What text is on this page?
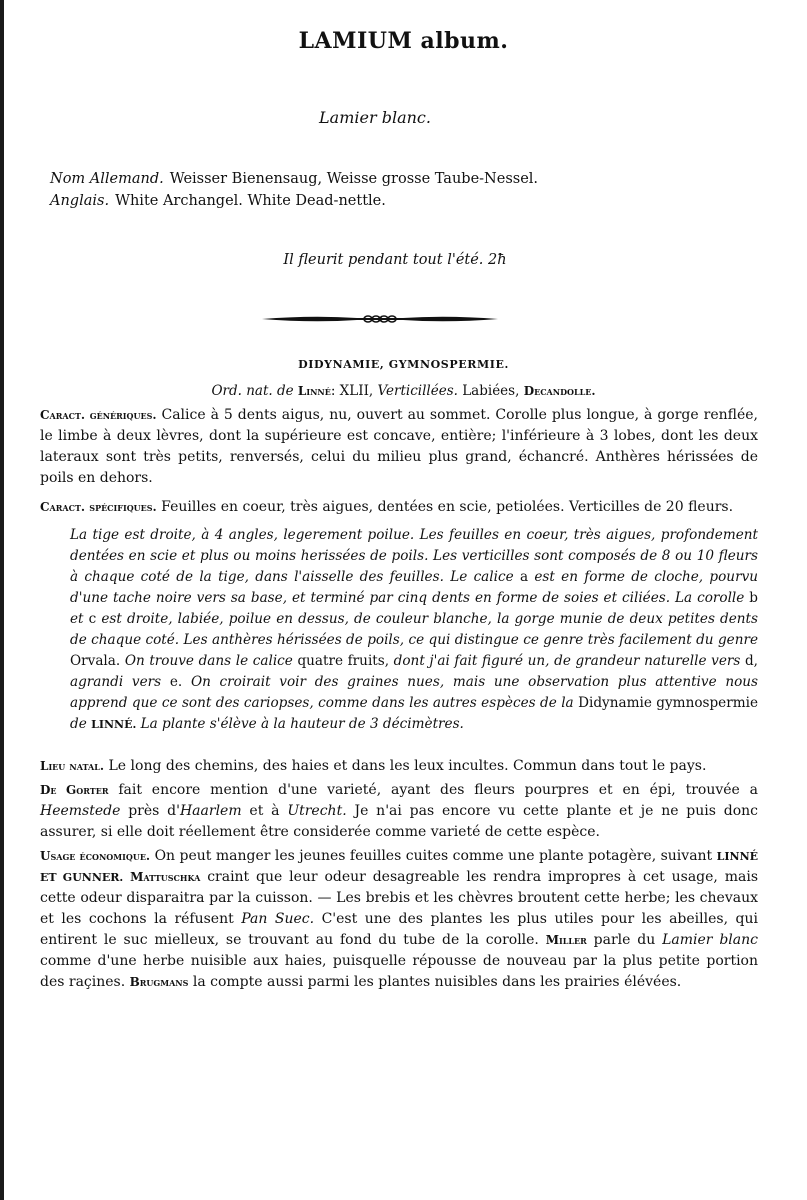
LAMIUM album.
Lamier blanc.
Nom Allemand. Weisser Bienensaug, Weisse grosse Taube-Nessel.
Anglais. White Archangel. White Dead-nettle.
Il fleurit pendant tout l'été. 2ħ
DIDYNAMIE, GYMNOSPERMIE.
Ord. nat. de Linné: XLII, Verticillées. Labiées, Decandolle.
Caract. génériques. Calice à 5 dents aigus, nu, ouvert au sommet. Corolle plus longue, à gorge renflée, le limbe à deux lèvres, dont la supérieure est concave, entière; l'inférieure à 3 lobes, dont les deux lateraux sont très petits, renversés, celui du milieu plus grand, échancré. Anthères hérissées de poils en dehors.
Caract. spécifiques. Feuilles en coeur, très aigues, dentées en scie, petiolées. Verticilles de 20 fleurs.
La tige est droite, à 4 angles, legerement poilue. Les feuilles en coeur, très aigues, profondement dentées en scie et plus ou moins herissées de poils. Les verticilles sont composés de 8 ou 10 fleurs à chaque coté de la tige, dans l'aisselle des feuilles. Le calice a est en forme de cloche, pourvu d'une tache noire vers sa base, et terminé par cinq dents en forme de soies et ciliées. La corolle b et c est droite, labiée, poilue en dessus, de couleur blanche, la gorge munie de deux petites dents de chaque coté. Les anthères hérissées de poils, ce qui distingue ce genre très facilement du genre Orvala. On trouve dans le calice quatre fruits, dont j'ai fait figuré un, de grandeur naturelle vers d, agrandi vers e. On croirait voir des graines nues, mais une observation plus attentive nous apprend que ce sont des cariopses, comme dans les autres espèces de la Didynamie gymnospermie de LINNÉ. La plante s'élève à la hauteur de 3 décimètres.
Lieu natal. Le long des chemins, des haies et dans les leux incultes. Commun dans tout le pays.
De Gorter fait encore mention d'une varieté, ayant des fleurs pourpres et en épi, trouvée a Heemstede près d'Haarlem et à Utrecht. Je n'ai pas encore vu cette plante et je ne puis donc assurer, si elle doit réellement être consideréе comme varieté de cette espèce.
Usage économique. On peut manger les jeunes feuilles cuites comme une plante potagère, suivant LINNÉ ET GUNNER. Mattuschka craint que leur odeur desagreable les rendra impropres à cet usage, mais cette odeur disparaitra par la cuisson. — Les brebis et les chèvres broutent cette herbe; les chevaux et les cochons la réfusent Pan Suec. C'est une des plantes les plus utiles pour les abeilles, qui entirent le suc mielleux, se trouvant au fond du tube de la corolle. Miller parle du Lamier blanc comme d'une herbe nuisible aux haies, puisquelle répousse de nouveau par la plus petite portion des raçines. Brugmans la compte aussi parmi les plantes nuisibles dans les prairies élévées.
